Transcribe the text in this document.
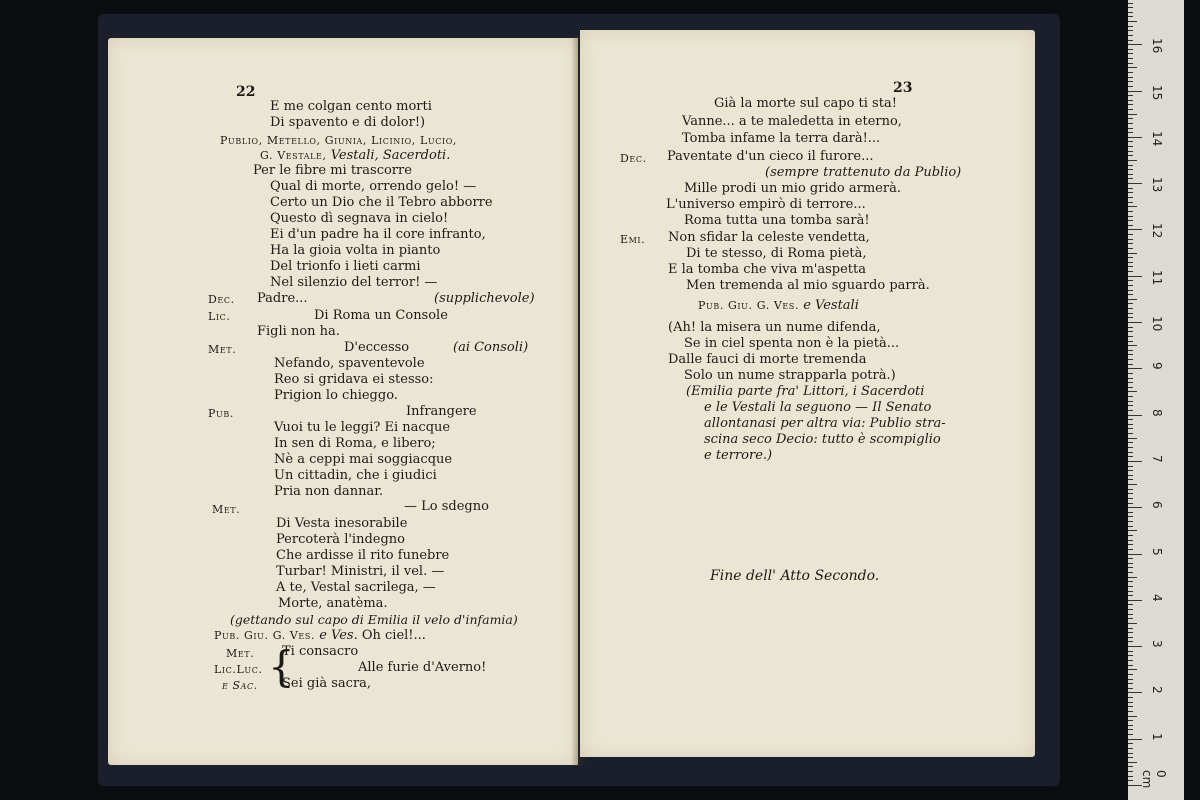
22
E me colgan cento morti
Di spavento e di dolor!)
Publio, Metello, Giunia, Licinio, Lucio,
G. Vestale, Vestali, Sacerdoti.
Per le fibre mi trascorre
Qual di morte, orrendo gelo! —
Certo un Dio che il Tebro abborre
Questo dì segnava in cielo!
Ei d'un padre ha il core infranto,
Ha la gioia volta in pianto
Del trionfo i lieti carmi
Nel silenzio del terror! —
Dec. Padre...	(supplichevole)
Lic.	Di Roma un Console
Figli non ha.
Met.	D'eccesso	(ai Consoli)
Nefando, spaventevole
Reo si gridava ei stesso:
Prigion lo chieggo.
Pub.	Infrangere
Vuoi tu le leggi? Ei nacque
In sen di Roma, e libero;
Nè a ceppi mai soggiacque
Un cittadin, che i giudici
Pria non dannar.
Met.	— Lo sdegno
Di Vesta inesorabile
Percoterà l'indegno
Che ardisse il rito funebre
Turbar! Ministri, il vel. —
A te, Vestal sacrilega, —
Morte, anatèma.
(gettando sul capo di Emilia il velo d'infamia)
Pub. Giu. G. Ves. e Ves. Oh ciel!...
Met. Ti consacro
Lic.Luc.	Alle furie d'Averno!
e Sac. Sei già sacra,
{
23
Già la morte sul capo ti sta!
Vanne... a te maledetta in eterno,
Tomba infame la terra darà!...
Dec. Paventate d'un cieco il furore...
(sempre trattenuto da Publio)
Mille prodi un mio grido armerà.
L'universo empirò di terrore...
Roma tutta una tomba sarà!
Emi. Non sfidar la celeste vendetta,
Di te stesso, di Roma pietà,
E la tomba che viva m'aspetta
Men tremenda al mio sguardo parrà.
Pub. Giu. G. Ves. e Vestali
(Ah! la misera un nume difenda,
Se in ciel spenta non è la pietà...
Dalle fauci di morte tremenda
Solo un nume strapparla potrà.)
(Emilia parte fra' Littori, i Sacerdoti
e le Vestali la seguono — Il Senato
allontanasi per altra via: Publio stra-
scina seco Decio: tutto è scompiglio
e terrore.)
Fine dell' Atto Secondo.
1
2
3
4
5
6
7
8
9
10
11
12
13
14
15
16
0 cm
